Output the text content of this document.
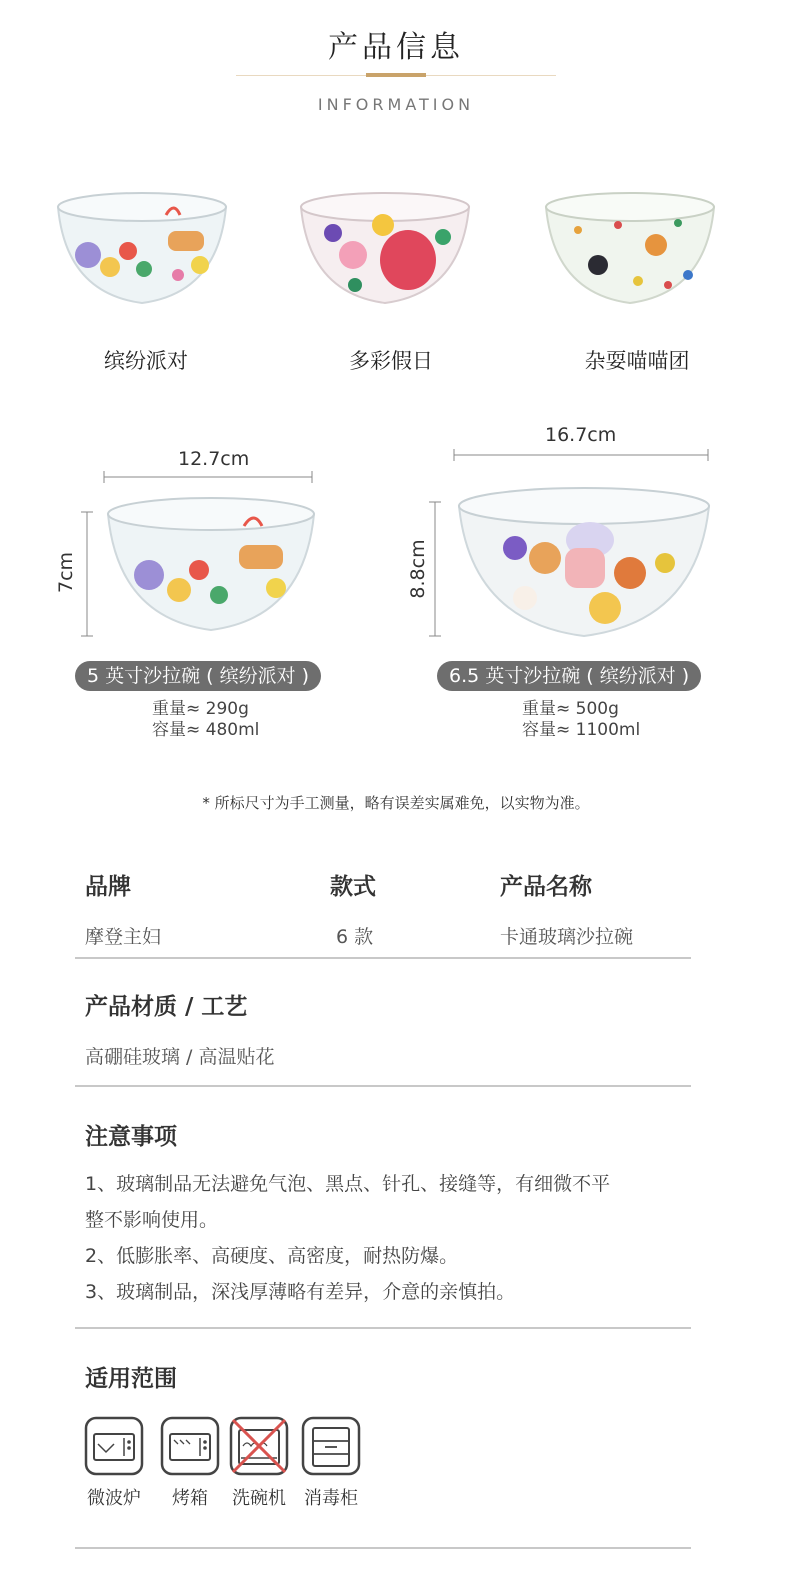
产品信息
INFORMATION
缤纷派对	多彩假日	杂耍喵喵团
12.7cm
7cm
5 英寸沙拉碗 ( 缤纷派对 )
重量≈ 290g
容量≈ 480ml
16.7cm
8.8cm
6.5 英寸沙拉碗 ( 缤纷派对 )
重量≈ 500g
容量≈ 1100ml
* 所标尺寸为手工测量，略有误差实属难免，以实物为准。
品牌	款式	产品名称
摩登主妇	6 款	卡通玻璃沙拉碗
产品材质 / 工艺
高硼硅玻璃 / 高温贴花
注意事项
1、玻璃制品无法避免气泡、黑点、针孔、接缝等，有细微不平
整不影响使用。
2、低膨胀率、高硬度、高密度，耐热防爆。
3、玻璃制品，深浅厚薄略有差异，介意的亲慎拍。
适用范围
微波炉	烤箱	洗碗机	消毒柜
